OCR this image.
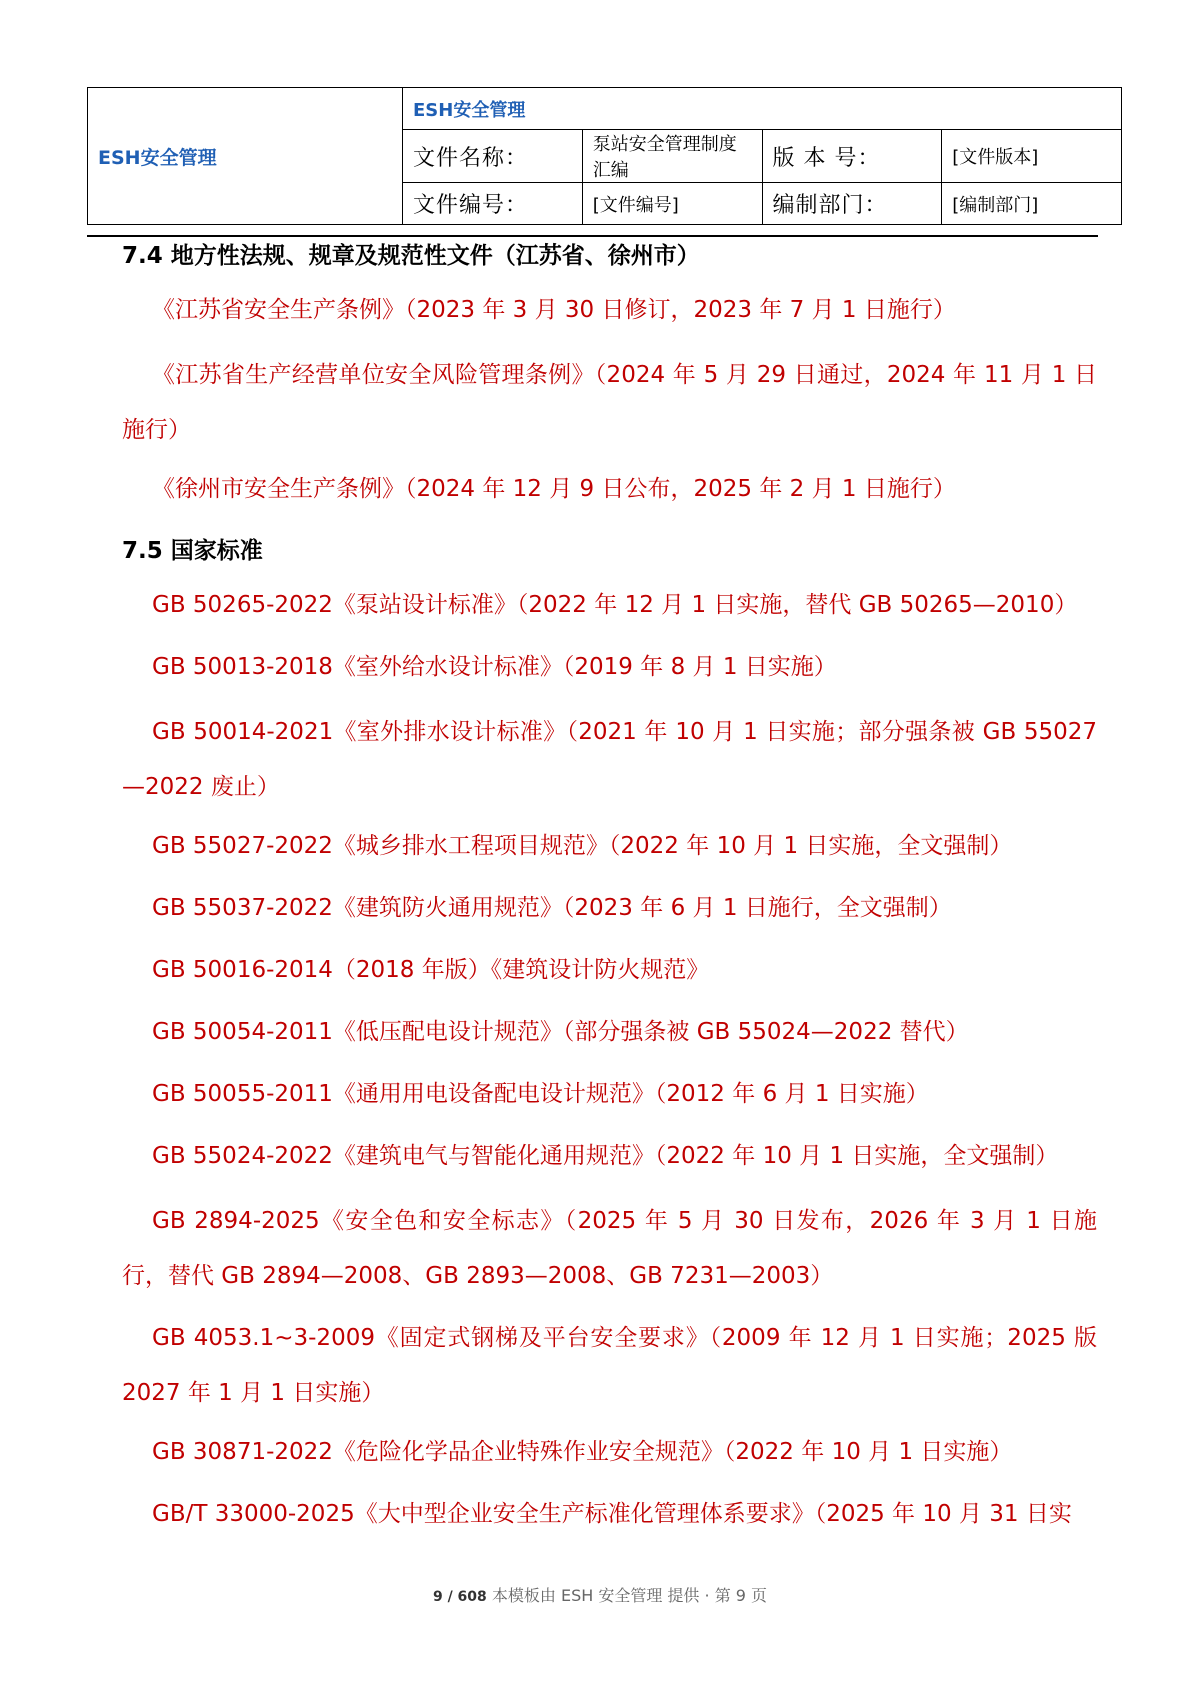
ESH安全管理	ESH安全管理			
	文件名称：	泵站安全管理制度汇编	版 本 号：	[文件版本]
	文件编号：	[文件编号]	编制部门：	[编制部门]
7.4 地方性法规、规章及规范性文件（江苏省、徐州市）

《江苏省安全生产条例》（2023 年 3 月 30 日修订，2023 年 7 月 1 日施行）

《江苏省生产经营单位安全风险管理条例》（2024 年 5 月 29 日通过，2024 年 11 月 1 日施行）

《徐州市安全生产条例》（2024 年 12 月 9 日公布，2025 年 2 月 1 日施行）

7.5 国家标准

GB 50265-2022《泵站设计标准》（2022 年 12 月 1 日实施，替代 GB 50265—2010）

GB 50013-2018《室外给水设计标准》（2019 年 8 月 1 日实施）

GB 50014-2021《室外排水设计标准》（2021 年 10 月 1 日实施；部分强条被 GB 55027—2022 废止）

GB 55027-2022《城乡排水工程项目规范》（2022 年 10 月 1 日实施，全文强制）

GB 55037-2022《建筑防火通用规范》（2023 年 6 月 1 日施行，全文强制）

GB 50016-2014（2018 年版）《建筑设计防火规范》

GB 50054-2011《低压配电设计规范》（部分强条被 GB 55024—2022 替代）

GB 50055-2011《通用用电设备配电设计规范》（2012 年 6 月 1 日实施）

GB 55024-2022《建筑电气与智能化通用规范》（2022 年 10 月 1 日实施，全文强制）

GB 2894-2025《安全色和安全标志》（2025 年 5 月 30 日发布，2026 年 3 月 1 日施行，替代 GB 2894—2008、GB 2893—2008、GB 7231—2003）

GB 4053.1~3-2009《固定式钢梯及平台安全要求》（2009 年 12 月 1 日实施；2025 版 2027 年 1 月 1 日实施）

GB 30871-2022《危险化学品企业特殊作业安全规范》（2022 年 10 月 1 日实施）

GB/T 33000-2025《大中型企业安全生产标准化管理体系要求》（2025 年 10 月 31 日实

9 / 608 本模板由 ESH 安全管理 提供 · 第 9 页
